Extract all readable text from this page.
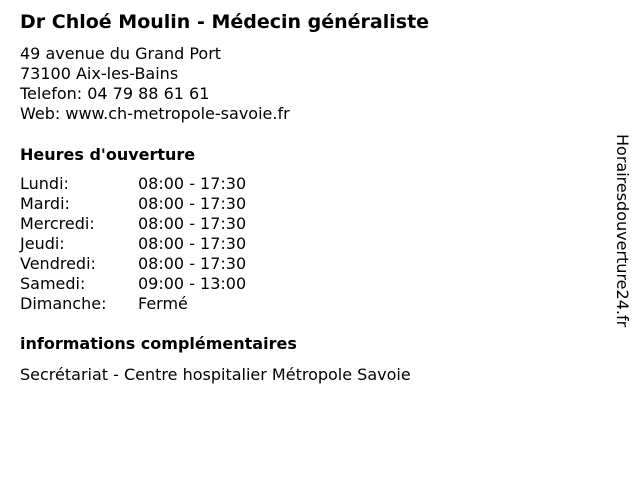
Dr Chloé Moulin - Médecin généraliste
49 avenue du Grand Port
73100 Aix-les-Bains
Telefon: 04 79 88 61 61
Web: www.ch-metropole-savoie.fr
Heures d'ouverture
Lundi:	08:00 - 17:30
Mardi:	08:00 - 17:30
Mercredi:	08:00 - 17:30
Jeudi:	08:00 - 17:30
Vendredi:	08:00 - 17:30
Samedi:	09:00 - 13:00
Dimanche:	Fermé
informations complémentaires
Secrétariat - Centre hospitalier Métropole Savoie
Horairesdouverture24.fr
